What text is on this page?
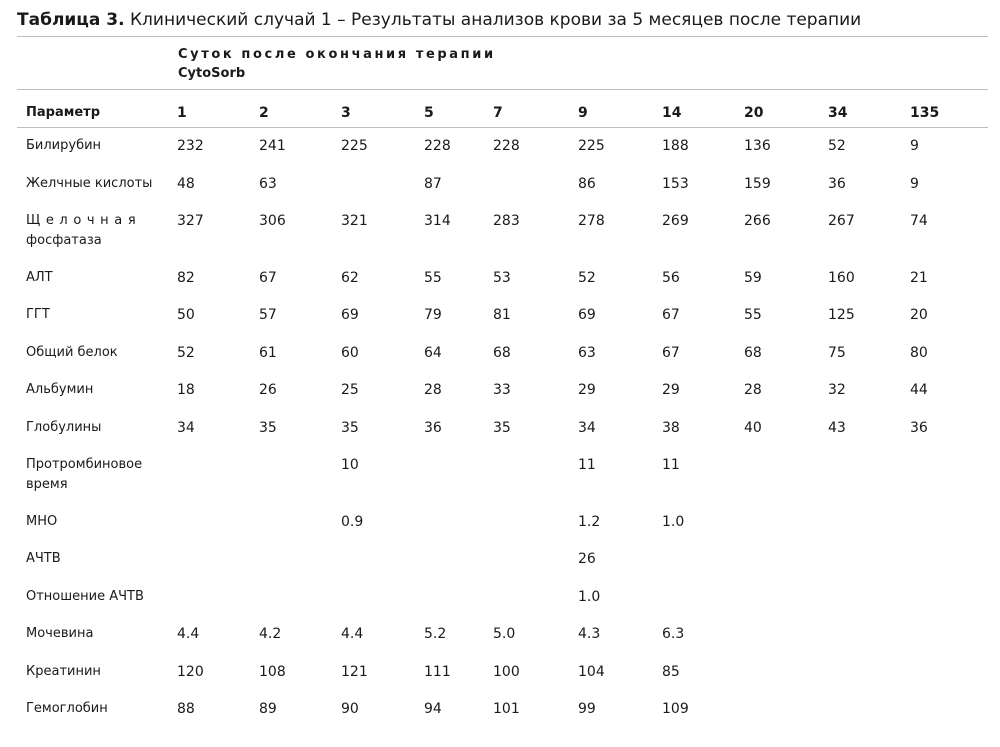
Таблица 3. Клинический случай 1 – Результаты анализов крови за 5 месяцев после терапии
Суток после окончания терапии
CytoSorb
Параметр	1	2	3	5	7	9	14	20	34	135
Билирубин	232	241	225	228	228	225	188	136	52	9
Желчные кислоты	48	63		87		86	153	159	36	9

Щелочная
фосфатаза	327	306	321	314	283	278	269	266	267	74
АЛТ	82	67	62	55	53	52	56	59	160	21
ГГТ	50	57	69	79	81	69	67	55	125	20
Общий белок	52	61	60	64	68	63	67	68	75	80
Альбумин	18	26	25	28	33	29	29	28	32	44
Глобулины	34	35	35	36	35	34	38	40	43	36

Протромбиновое
время			10			11	11			
МНО			0.9			1.2	1.0			
АЧТВ						26				
Отношение АЧТВ						1.0				
Мочевина	4.4	4.2	4.4	5.2	5.0	4.3	6.3			
Креатинин	120	108	121	111	100	104	85			
Гемоглобин	88	89	90	94	101	99	109			
